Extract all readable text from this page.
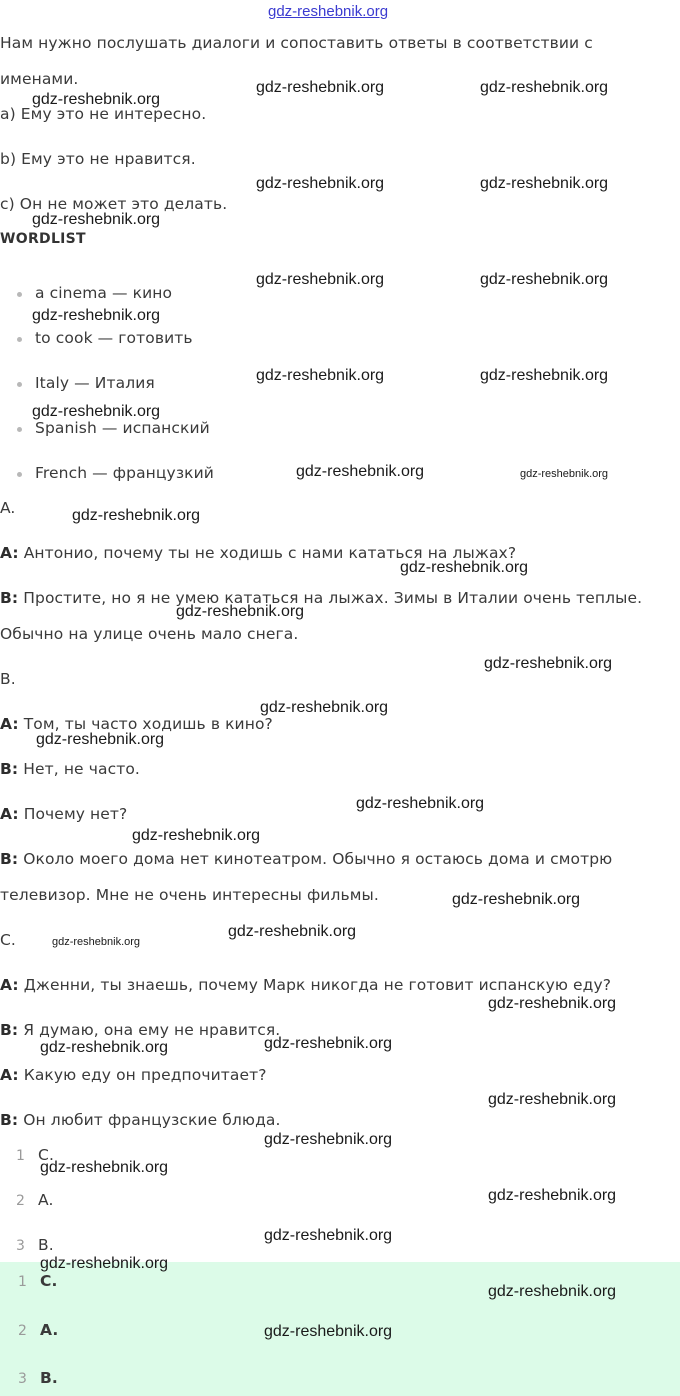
gdz-reshebnik.org
Нам нужно послушать диалоги и сопоставить ответы в соответствии с
именами.
a) Ему это не интересно.
b) Ему это не нравится.
c) Он не может это делать.
WORDLIST
a cinema — кино
to cook — готовить
Italy — Италия
Spanish — испанский
French — французкий
A.
A: Антонио, почему ты не ходишь с нами кататься на лыжах?
B: Простите, но я не умею кататься на лыжах. Зимы в Италии очень теплые.
Обычно на улице очень мало снега.
B.
A: Том, ты часто ходишь в кино?
B: Нет, не часто.
A: Почему нет?
B: Около моего дома нет кинотеатром. Обычно я остаюсь дома и смотрю
телевизор. Мне не очень интересны фильмы.
C.
A: Дженни, ты знаешь, почему Марк никогда не готовит испанскую еду?
B: Я думаю, она ему не нравится.
A: Какую еду он предпочитает?
B: Он любит французские блюда.
1 C.
2 A.
3 B.
1 C.
2 A.
3 B.
gdz-reshebnik.org	gdz-reshebnik.org
gdz-reshebnik.org
gdz-reshebnik.org	gdz-reshebnik.org
gdz-reshebnik.org
gdz-reshebnik.org	gdz-reshebnik.org
gdz-reshebnik.org
gdz-reshebnik.org	gdz-reshebnik.org
gdz-reshebnik.org
gdz-reshebnik.org	gdz-reshebnik.org
gdz-reshebnik.org
gdz-reshebnik.org
gdz-reshebnik.org
gdz-reshebnik.org
gdz-reshebnik.org
gdz-reshebnik.org
gdz-reshebnik.org
gdz-reshebnik.org
gdz-reshebnik.org
gdz-reshebnik.org
gdz-reshebnik.org
gdz-reshebnik.org
gdz-reshebnik.org
gdz-reshebnik.org
gdz-reshebnik.org
gdz-reshebnik.org
gdz-reshebnik.org
gdz-reshebnik.org
gdz-reshebnik.org
gdz-reshebnik.org
gdz-reshebnik.org
gdz-reshebnik.org
